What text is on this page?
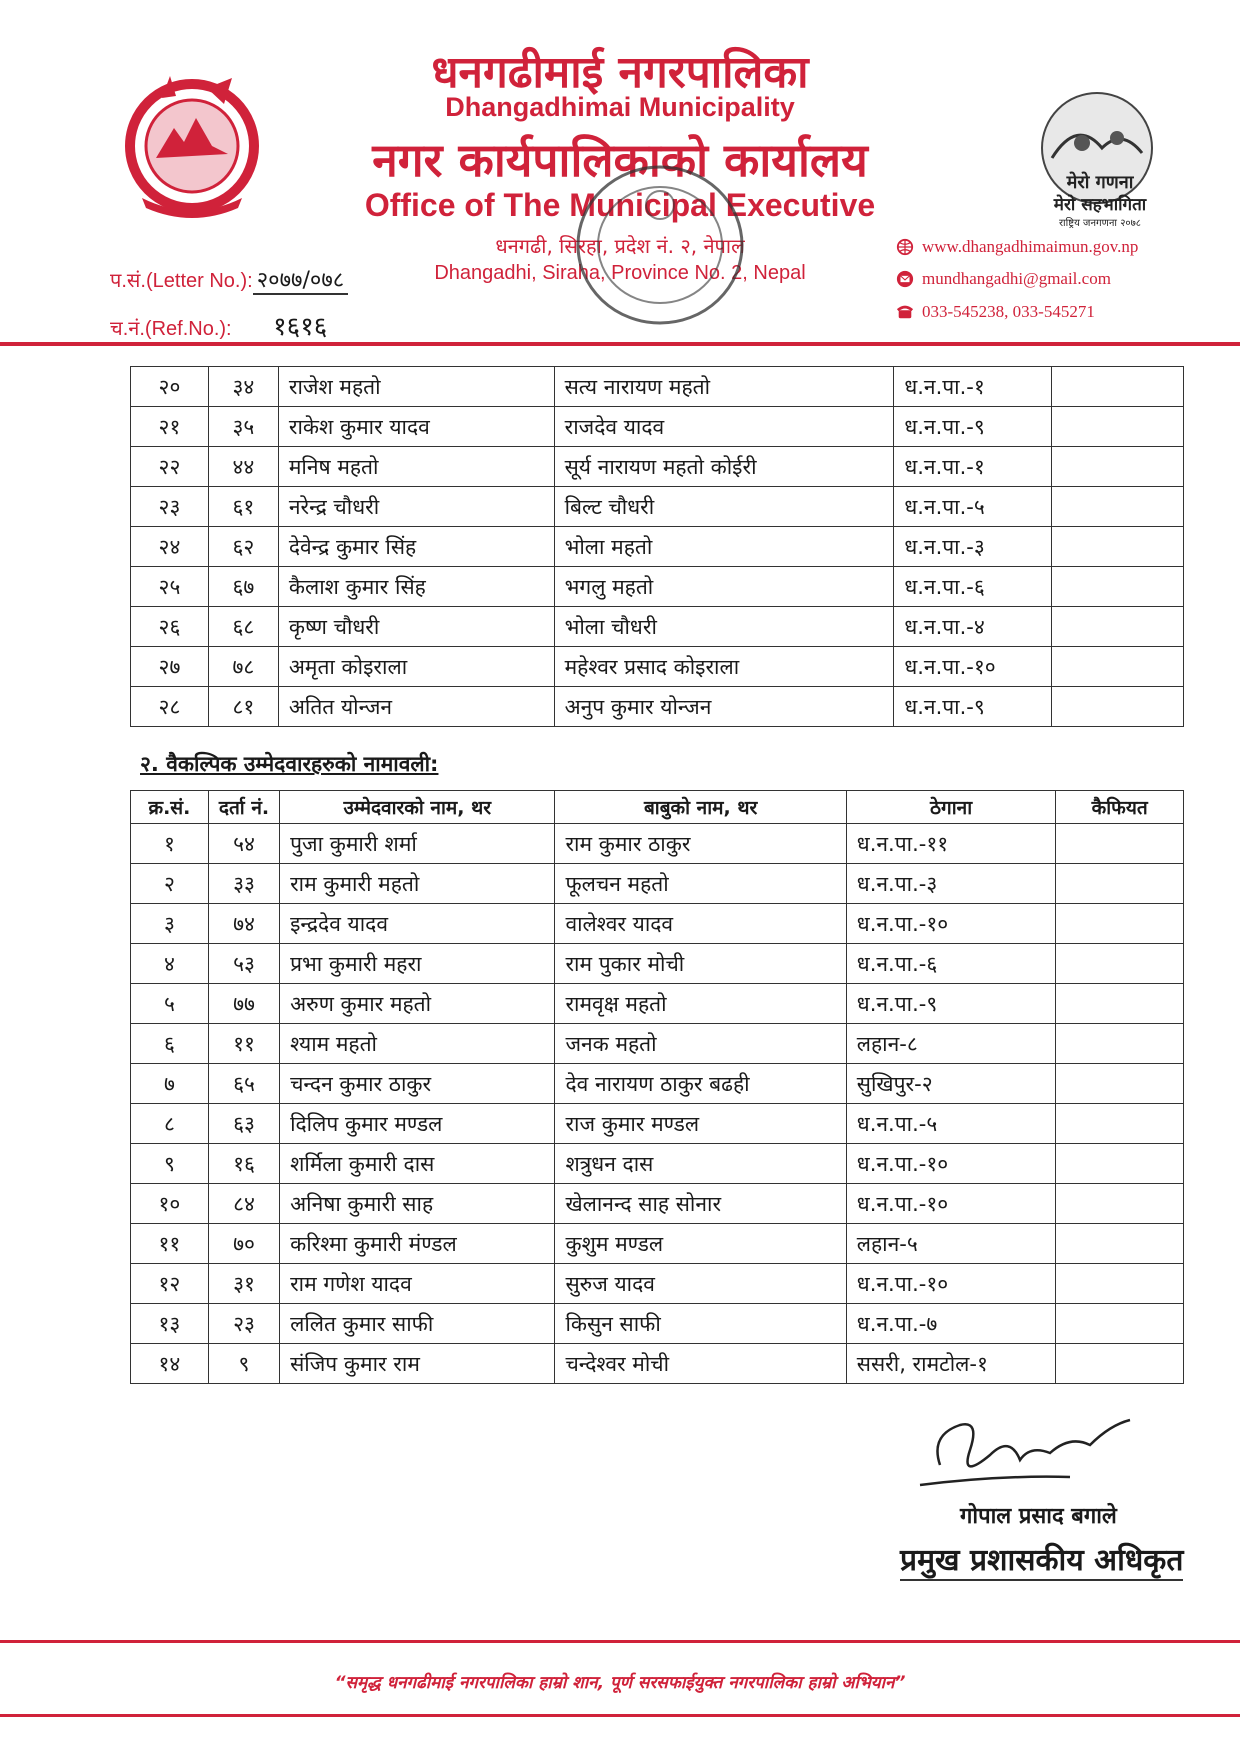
मेरो गणना
मेरो सहभागिता
राष्ट्रिय जनगणना २०७८
धनगढीमाई नगरपालिका
Dhangadhimai Municipality
नगर कार्यपालिकाको कार्यालय
Office of The Municipal Executive
धनगढी, सिरहा, प्रदेश नं. २, नेपाल
Dhangadhi, Siraha, Province No. 2, Nepal
प.सं.(Letter No.): २०७७/०७८
च.नं.(Ref.No.): १६१६
www.dhangadhimaimun.gov.np
mundhangadhi@gmail.com
033-545238, 033-545271
२०	३४	राजेश महतो	सत्य नारायण महतो	ध.न.पा.-१	
२१	३५	राकेश कुमार यादव	राजदेव यादव	ध.न.पा.-९	
२२	४४	मनिष महतो	सूर्य नारायण महतो कोईरी	ध.न.पा.-१	
२३	६१	नरेन्द्र चौधरी	बिल्ट चौधरी	ध.न.पा.-५	
२४	६२	देवेन्द्र कुमार सिंह	भोला महतो	ध.न.पा.-३	
२५	६७	कैलाश कुमार सिंह	भगलु महतो	ध.न.पा.-६	
२६	६८	कृष्ण चौधरी	भोला चौधरी	ध.न.पा.-४	
२७	७८	अमृता कोइराला	महेश्वर प्रसाद कोइराला	ध.न.पा.-१०	
२८	८१	अतित योन्जन	अनुप कुमार योन्जन	ध.न.पा.-९	
२. वैकल्पिक उम्मेदवारहरुको नामावली:
क्र.सं.	दर्ता नं.	उम्मेदवारको नाम, थर	बाबुको नाम, थर	ठेगाना	कैफियत
१	५४	पुजा कुमारी शर्मा	राम कुमार ठाकुर	ध.न.पा.-११	
२	३३	राम कुमारी महतो	फूलचन महतो	ध.न.पा.-३	
३	७४	इन्द्रदेव यादव	वालेश्वर यादव	ध.न.पा.-१०	
४	५३	प्रभा कुमारी महरा	राम पुकार मोची	ध.न.पा.-६	
५	७७	अरुण कुमार महतो	रामवृक्ष महतो	ध.न.पा.-९	
६	११	श्याम महतो	जनक महतो	लहान-८	
७	६५	चन्दन कुमार ठाकुर	देव नारायण ठाकुर बढही	सुखिपुर-२	
८	६३	दिलिप कुमार मण्डल	राज कुमार मण्डल	ध.न.पा.-५	
९	१६	शर्मिला कुमारी दास	शत्रुधन दास	ध.न.पा.-१०	
१०	८४	अनिषा कुमारी साह	खेलानन्द साह सोनार	ध.न.पा.-१०	
११	७०	करिश्मा कुमारी मंण्डल	कुशुम मण्डल	लहान-५	
१२	३१	राम गणेश यादव	सुरुज यादव	ध.न.पा.-१०	
१३	२३	ललित कुमार साफी	किसुन साफी	ध.न.पा.-७	
१४	९	संजिप कुमार राम	चन्देश्वर मोची	ससरी, रामटोल-१	
गोपाल प्रसाद बगाले
प्रमुख प्रशासकीय अधिकृत
“समृद्ध धनगढीमाई नगरपालिका हाम्रो शान, पूर्ण सरसफाईयुक्त नगरपालिका हाम्रो अभियान”
